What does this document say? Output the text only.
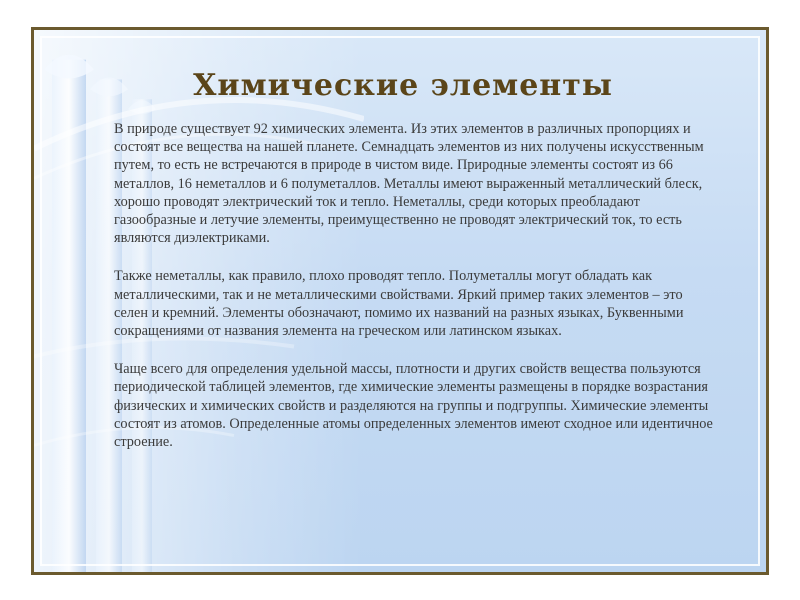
Химические элементы

В природе существует 92 химических элемента. Из этих элементов в различных пропорциях и состоят все вещества на нашей планете. Семнадцать элементов из них получены искусственным путем, то есть не встречаются в природе в чистом виде. Природные элементы состоят из 66 металлов, 16 неметаллов и 6 полуметаллов. Металлы имеют выраженный металлический блеск, хорошо проводят электрический ток и тепло. Неметаллы, среди которых преобладают газообразные и летучие элементы, преимущественно не проводят электрический ток, то есть являются диэлектриками.

Также неметаллы, как правило, плохо проводят тепло. Полуметаллы могут обладать как металлическими, так и не металлическими свойствами. Яркий пример таких элементов – это селен и кремний. Элементы обозначают, помимо их названий на разных языках, Буквенными сокращениями от названия элемента на греческом или латинском языках.

Чаще всего для определения удельной массы, плотности и других свойств вещества пользуются периодической таблицей элементов, где химические элементы размещены в порядке возрастания физических и химических свойств и разделяются на группы и подгруппы. Химические элементы состоят из атомов. Определенные атомы определенных элементов имеют сходное или идентичное строение.
